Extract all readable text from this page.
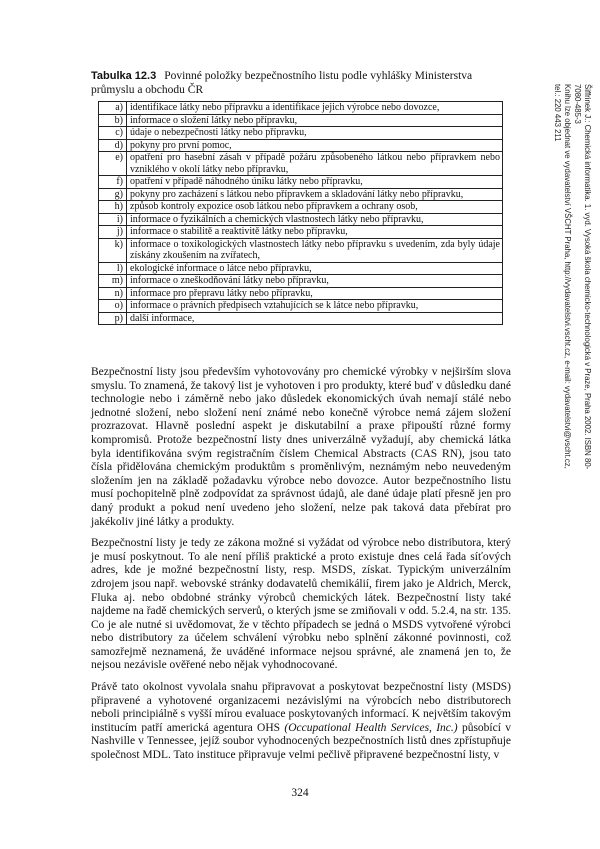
Tabulka 12.3 Povinné položky bezpečnostního listu podle vyhlášky Ministerstva průmyslu a obchodu ČR
a)	identifikace látky nebo přípravku a identifikace jejich výrobce nebo dovozce,
b)	informace o složení látky nebo přípravku,
c)	údaje o nebezpečnosti látky nebo přípravku,
d)	pokyny pro první pomoc,
e)	opatření pro hasební zásah v případě požáru způsobeného látkou nebo přípravkem nebo vzniklého v okolí látky nebo přípravku,
f)	opatření v případě náhodného úniku látky nebo přípravku,
g)	pokyny pro zacházení s látkou nebo přípravkem a skladování látky nebo přípravku,
h)	způsob kontroly expozice osob látkou nebo přípravkem a ochrany osob,
i)	informace o fyzikálních a chemických vlastnostech látky nebo přípravku,
j)	informace o stabilitě a reaktivitě látky nebo přípravku,
k)	informace o toxikologických vlastnostech látky nebo přípravku s uvedením, zda byly údaje získány zkoušením na zvířatech,
l)	ekologické informace o látce nebo přípravku,
m)	informace o zneškodňování látky nebo přípravku,
n)	informace pro přepravu látky nebo přípravku,
o)	informace o právních předpisech vztahujících se k látce nebo přípravku,
p)	další informace,

Bezpečnostní listy jsou především vyhotovovány pro chemické výrobky v nejširším slova smyslu. To znamená, že takový list je vyhotoven i pro produkty, které buď v důsledku dané technologie nebo i záměrně nebo jako důsledek ekonomických úvah nemají stálé nebo jednotné složení, nebo složení není známé nebo konečně výrobce nemá zájem složení prozrazovat. Hlavně poslední aspekt je diskutabilní a praxe připouští různé formy kompromisů. Protože bezpečnostní listy dnes univerzálně vyžadují, aby chemická látka byla identifikována svým registračním číslem Chemical Abstracts (CAS RN), jsou tato čísla přidělována chemickým produktům s proměnlivým, neznámým nebo neuvedeným složením jen na základě požadavku výrobce nebo dovozce. Autor bezpečnostního listu musí pochopitelně plně zodpovídat za správnost údajů, ale dané údaje platí přesně jen pro daný produkt a pokud není uvedeno jeho složení, nelze pak taková data přebírat pro jakékoliv jiné látky a produkty.

Bezpečnostní listy je tedy ze zákona možné si vyžádat od výrobce nebo distributora, který je musí poskytnout. To ale není příliš praktické a proto existuje dnes celá řada síťových adres, kde je možné bezpečnostní listy, resp. MSDS, získat. Typickým univerzálním zdrojem jsou např. webovské stránky dodavatelů chemikálií, firem jako je Aldrich, Merck, Fluka aj. nebo obdobné stránky výrobců chemických látek. Bezpečnostní listy také najdeme na řadě chemických serverů, o kterých jsme se zmiňovali v odd. 5.2.4, na str. 135. Co je ale nutné si uvědomovat, že v těchto případech se jedná o MSDS vytvořené výrobci nebo distributory za účelem schválení výrobku nebo splnění zákonné povinnosti, což samozřejmě neznamená, že uváděné informace nejsou správné, ale znamená jen to, že nejsou nezávisle ověřené nebo nějak vyhodnocované.

Právě tato okolnost vyvolala snahu připravovat a poskytovat bezpečnostní listy (MSDS) připravené a vyhotovené organizacemi nezávislými na výrobcích nebo distributorech neboli principiálně s vyšší mírou evaluace poskytovaných informací. K největším takovým institucím patří americká agentura OHS (Occupational Health Services, Inc.) působící v Nashville v Tennessee, jejíž soubor vyhodnocených bezpečnostních listů dnes zpřístupňuje společnost MDL. Tato instituce připravuje velmi pečlivě připravené bezpečnostní listy, v

324
Šiffrinek J.: Chemická informatika. 1. vyd. Vysoká škola chemicko-technologická v Praze, Praha 2002. ISBN 80-7080-485-3
Knihu lze objednat ve vydavatelství VŠCHT Praha, http://vydavatelstvi.vscht.cz, e-mail: vydavatelstvi@vscht.cz, tel.: 220 443 211
